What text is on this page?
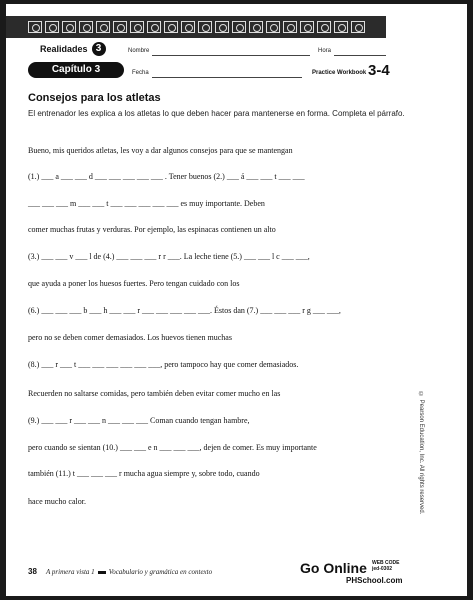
Realidades 3
Capítulo 3
Nombre	Hora
Fecha	Practice Workbook 3-4
Consejos para los atletas
El entrenador les explica a los atletas lo que deben hacer para mantenerse en forma. Completa el párrafo.
Bueno, mis queridos atletas, les voy a dar algunos consejos para que se mantengan
(1.) ___ a ___ ___ d ___ ___ ___ ___ ___ . Tener buenos (2.) ___ á ___ ___ t ___ ___
___ ___ ___ m ___ ___ t ___ ___ ___ ___ ___ es muy importante. Deben
comer muchas frutas y verduras. Por ejemplo, las espinacas contienen un alto
(3.) ___ ___ v ___ l de (4.) ___ ___ ___ r r ___. La leche tiene (5.) ___ ___ l c ___ ___,
que ayuda a poner los huesos fuertes. Pero tengan cuidado con los
(6.) ___ ___ ___ b ___ h ___ ___ r ___ ___ ___ ___ ___. Éstos dan (7.) ___ ___ ___ r g ___ ___,
pero no se deben comer demasiados. Los huevos tienen muchas
(8.) ___ r ___ t ___ ___ ___ ___ ___ ___, pero tampoco hay que comer demasiados.
Recuerden no saltarse comidas, pero también deben evitar comer mucho en las
(9.) ___ ___ r ___ ___ n ___ ___ ___ Coman cuando tengan hambre,
pero cuando se sientan (10.) ___ ___ e n ___ ___ ___, dejen de comer. Es muy importante
también (11.) t ___ ___ ___ r mucha agua siempre y, sobre todo, cuando
hace mucho calor.	© Pearson Education, Inc. All rights reserved.
38 A primera vista 1 Vocabulario y gramática en contexto	Go Online WEB CODE
jed-0302
PHSchool.com
